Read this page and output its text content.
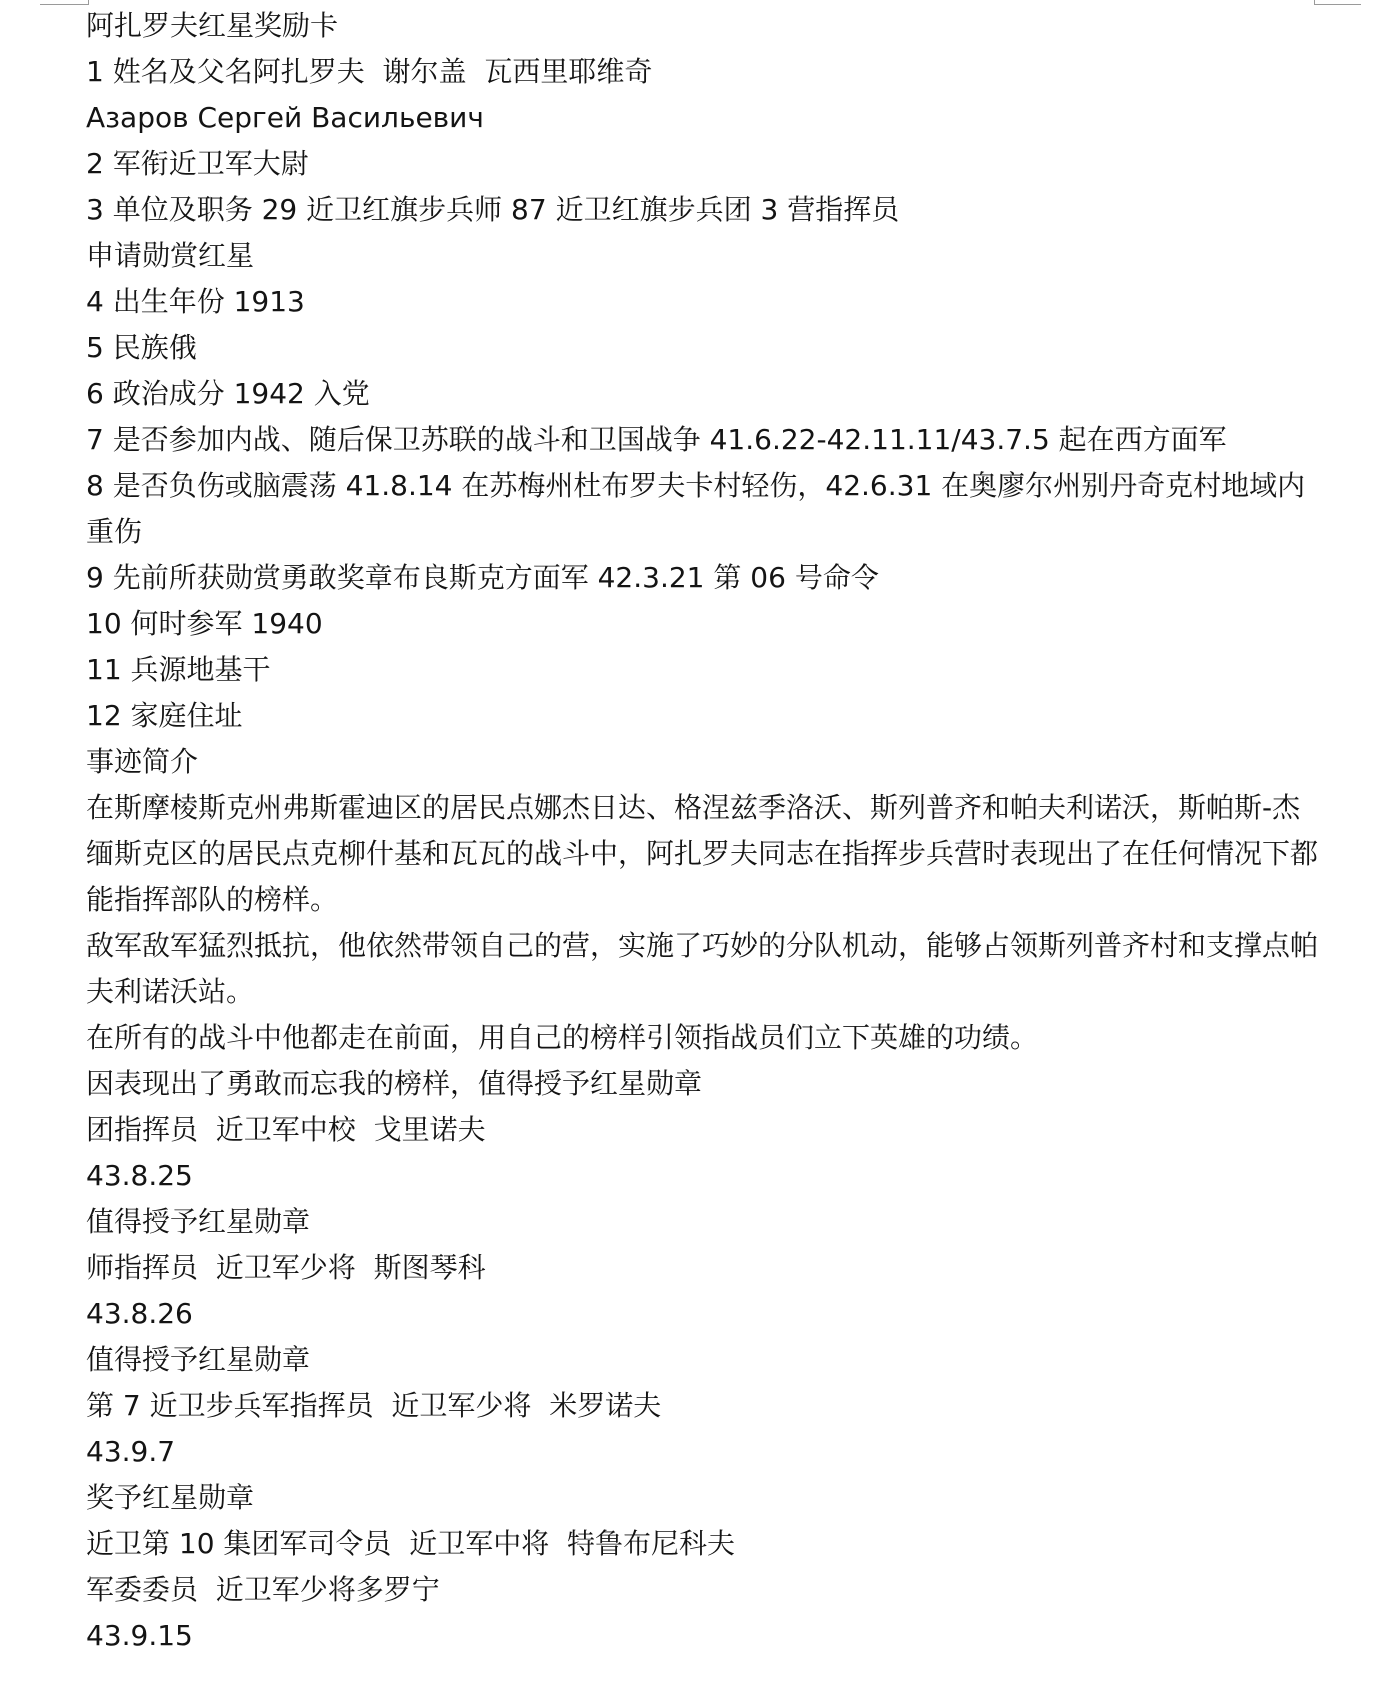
阿扎罗夫红星奖励卡
1 姓名及父名阿扎罗夫  谢尔盖  瓦西里耶维奇
Азаров Сергей Васильевич
2 军衔近卫军大尉
3 单位及职务 29 近卫红旗步兵师 87 近卫红旗步兵团 3 营指挥员
申请勋赏红星
4 出生年份 1913
5 民族俄
6 政治成分 1942 入党
7 是否参加内战、随后保卫苏联的战斗和卫国战争 41.6.22-42.11.11/43.7.5 起在西方面军
8 是否负伤或脑震荡 41.8.14 在苏梅州杜布罗夫卡村轻伤，42.6.31 在奥廖尔州别丹奇克村地域内重伤
9 先前所获勋赏勇敢奖章布良斯克方面军 42.3.21 第 06 号命令
10 何时参军 1940
11 兵源地基干
12 家庭住址
事迹简介
在斯摩棱斯克州弗斯霍迪区的居民点娜杰日达、格涅兹季洛沃、斯列普齐和帕夫利诺沃，斯帕斯-杰缅斯克区的居民点克柳什基和瓦瓦的战斗中，阿扎罗夫同志在指挥步兵营时表现出了在任何情况下都能指挥部队的榜样。
敌军敌军猛烈抵抗，他依然带领自己的营，实施了巧妙的分队机动，能够占领斯列普齐村和支撑点帕夫利诺沃站。
在所有的战斗中他都走在前面，用自己的榜样引领指战员们立下英雄的功绩。
因表现出了勇敢而忘我的榜样，值得授予红星勋章
团指挥员  近卫军中校  戈里诺夫
43.8.25
值得授予红星勋章
师指挥员  近卫军少将  斯图琴科
43.8.26
值得授予红星勋章
第 7 近卫步兵军指挥员  近卫军少将  米罗诺夫
43.9.7
奖予红星勋章
近卫第 10 集团军司令员  近卫军中将  特鲁布尼科夫
军委委员  近卫军少将多罗宁
43.9.15
